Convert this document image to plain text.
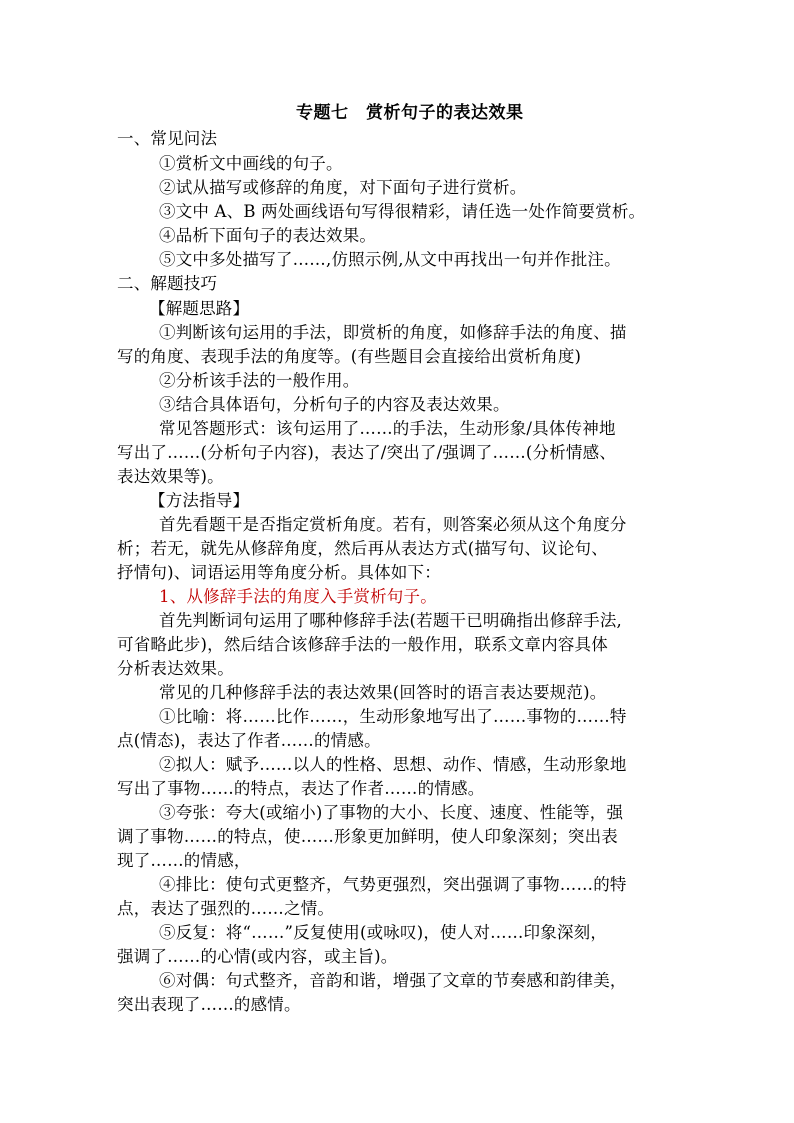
专题七　赏析句子的表达效果
一、常见问法
①赏析文中画线的句子。
②试从描写或修辞的角度，对下面句子进行赏析。
③文中 A、B 两处画线语句写得很精彩，请任选一处作简要赏析。
④品析下面句子的表达效果。
⑤文中多处描写了……,仿照示例,从文中再找出一句并作批注。
二、解题技巧
【解题思路】
①判断该句运用的手法，即赏析的角度，如修辞手法的角度、描
写的角度、表现手法的角度等。(有些题目会直接给出赏析角度)
②分析该手法的一般作用。
③结合具体语句，分析句子的内容及表达效果。
常见答题形式：该句运用了……的手法，生动形象/具体传神地
写出了……(分析句子内容)，表达了/突出了/强调了……(分析情感、
表达效果等)。
【方法指导】
首先看题干是否指定赏析角度。若有，则答案必须从这个角度分
析；若无，就先从修辞角度，然后再从表达方式(描写句、议论句、
抒情句)、词语运用等角度分析。具体如下：
1、从修辞手法的角度入手赏析句子。
首先判断词句运用了哪种修辞手法(若题干已明确指出修辞手法,
可省略此步)，然后结合该修辞手法的一般作用，联系文章内容具体
分析表达效果。
常见的几种修辞手法的表达效果(回答时的语言表达要规范)。
①比喻：将……比作……，生动形象地写出了……事物的……特
点(情态)，表达了作者……的情感。
②拟人：赋予……以人的性格、思想、动作、情感，生动形象地
写出了事物……的特点，表达了作者……的情感。
③夸张：夸大(或缩小)了事物的大小、长度、速度、性能等，强
调了事物……的特点，使……形象更加鲜明，使人印象深刻；突出表
现了……的情感，
④排比：使句式更整齐，气势更强烈，突出强调了事物……的特
点，表达了强烈的……之情。
⑤反复：将“……”反复使用(或咏叹)，使人对……印象深刻，
强调了……的心情(或内容，或主旨)。
⑥对偶：句式整齐，音韵和谐，增强了文章的节奏感和韵律美，
突出表现了……的感情。
